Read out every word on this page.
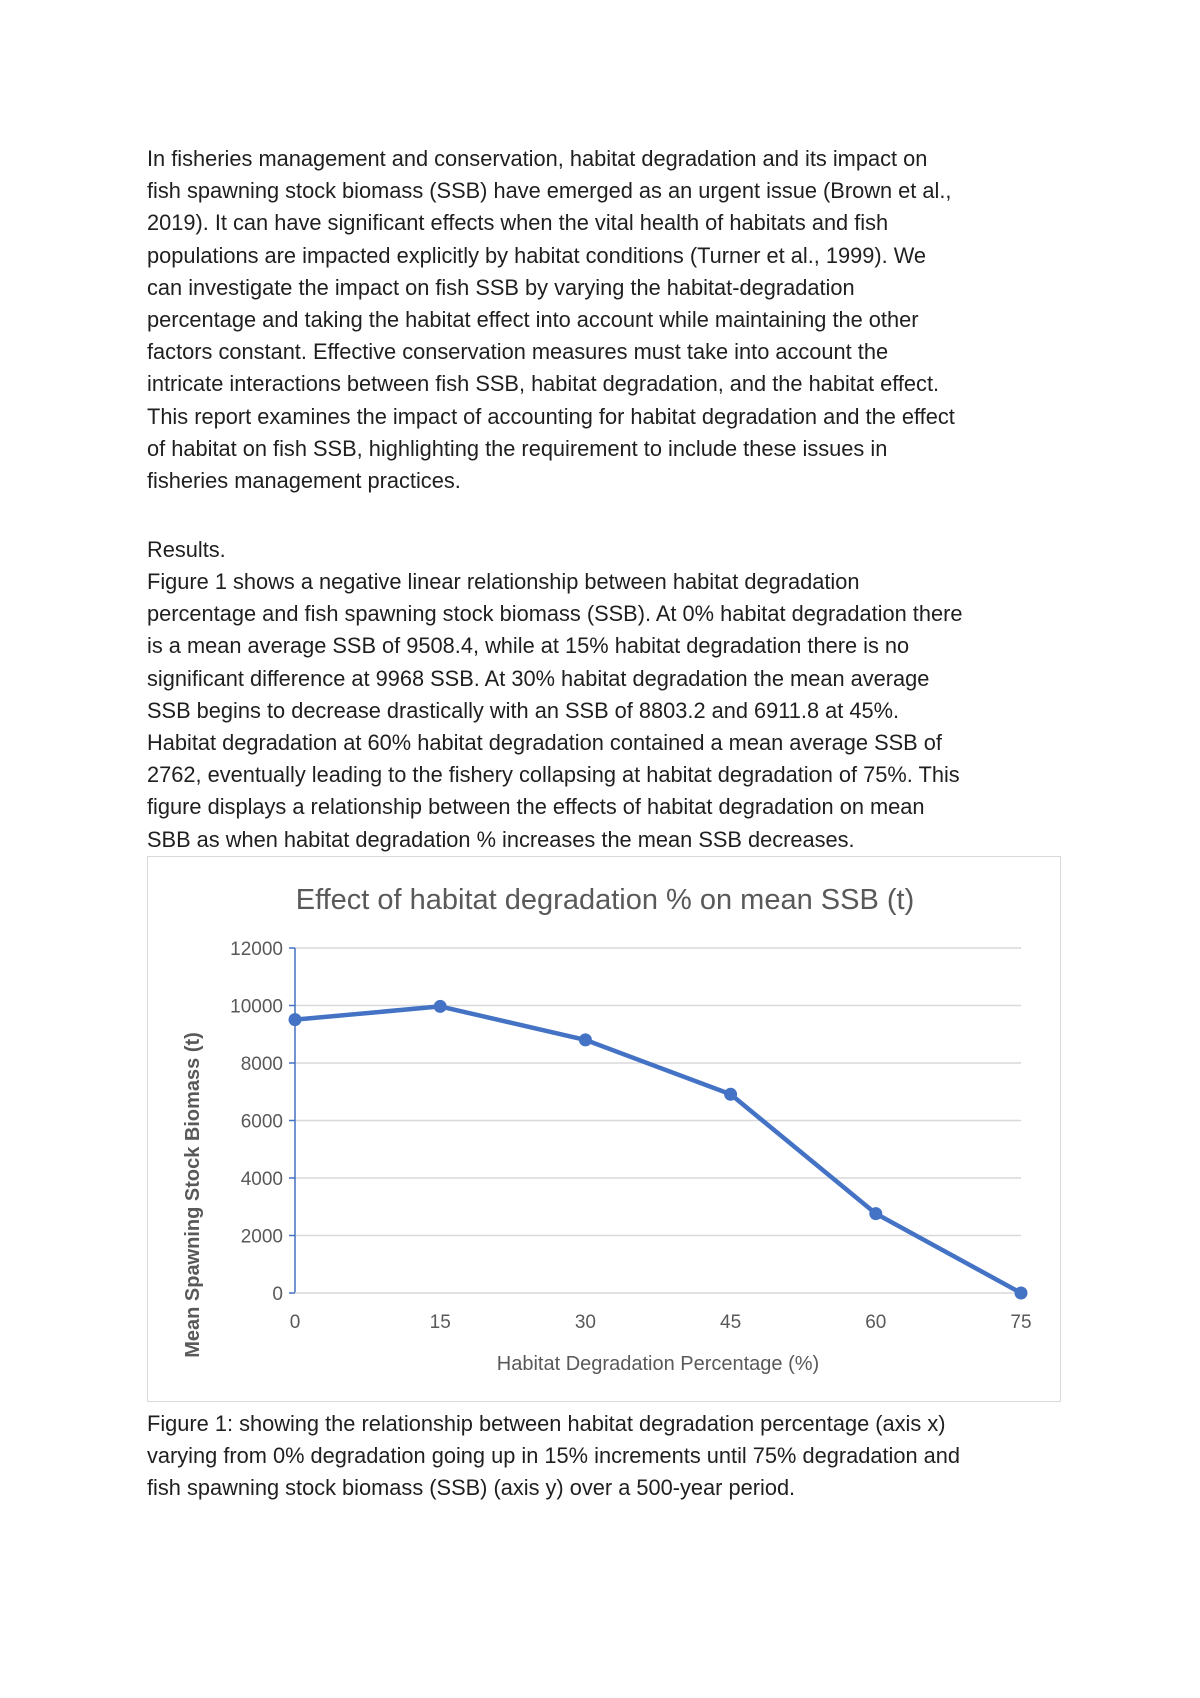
In fisheries management and conservation, habitat degradation and its impact on
fish spawning stock biomass (SSB) have emerged as an urgent issue (Brown et al.,
2019). It can have significant effects when the vital health of habitats and fish
populations are impacted explicitly by habitat conditions (Turner et al., 1999). We
can investigate the impact on fish SSB by varying the habitat-degradation
percentage and taking the habitat effect into account while maintaining the other
factors constant. Effective conservation measures must take into account the
intricate interactions between fish SSB, habitat degradation, and the habitat effect.
This report examines the impact of accounting for habitat degradation and the effect
of habitat on fish SSB, highlighting the requirement to include these issues in
fisheries management practices.
Results.
Figure 1 shows a negative linear relationship between habitat degradation
percentage and fish spawning stock biomass (SSB). At 0% habitat degradation there
is a mean average SSB of 9508.4, while at 15% habitat degradation there is no
significant difference at 9968 SSB. At 30% habitat degradation the mean average
SSB begins to decrease drastically with an SSB of 8803.2 and 6911.8 at 45%.
Habitat degradation at 60% habitat degradation contained a mean average SSB of
2762, eventually leading to the fishery collapsing at habitat degradation of 75%. This
figure displays a relationship between the effects of habitat degradation on mean
SBB as when habitat degradation % increases the mean SSB decreases.
Effect of habitat degradation % on mean SSB (t)
0
2000
4000
6000
8000
10000
12000
0	15	30	45	60	75
Habitat Degradation Percentage (%)
Mean Spawning Stock Biomass (t)
Figure 1: showing the relationship between habitat degradation percentage (axis x)
varying from 0% degradation going up in 15% increments until 75% degradation and
fish spawning stock biomass (SSB) (axis y) over a 500-year period.
